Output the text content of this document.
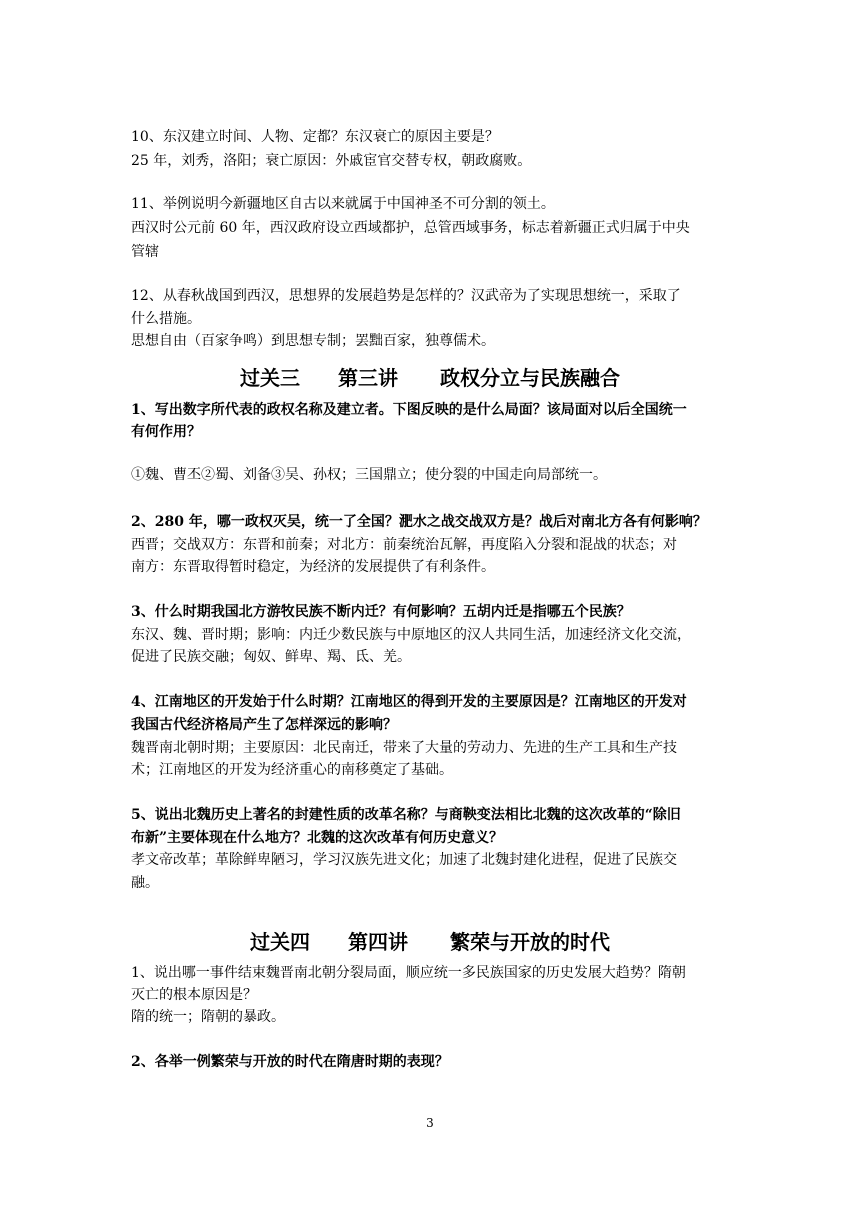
10、东汉建立时间、人物、定都？东汉衰亡的原因主要是？
25 年，刘秀，洛阳；衰亡原因：外戚宦官交替专权，朝政腐败。
11、举例说明今新疆地区自古以来就属于中国神圣不可分割的领土。
西汉时公元前 60 年，西汉政府设立西域都护，总管西域事务，标志着新疆正式归属于中央
管辖
12、从春秋战国到西汉，思想界的发展趋势是怎样的？汉武帝为了实现思想统一，采取了
什么措施。
思想自由（百家争鸣）到思想专制；罢黜百家，独尊儒术。
过关三 第三讲 政权分立与民族融合
1、写出数字所代表的政权名称及建立者。下图反映的是什么局面？该局面对以后全国统一
有何作用？
①魏、曹丕②蜀、刘备③吴、孙权；三国鼎立；使分裂的中国走向局部统一。
2、280 年，哪一政权灭吴，统一了全国？淝水之战交战双方是？战后对南北方各有何影响？
西晋；交战双方：东晋和前秦；对北方：前秦统治瓦解，再度陷入分裂和混战的状态；对
南方：东晋取得暂时稳定，为经济的发展提供了有利条件。
3、什么时期我国北方游牧民族不断内迁？有何影响？五胡内迁是指哪五个民族？
东汉、魏、晋时期；影响：内迁少数民族与中原地区的汉人共同生活，加速经济文化交流，
促进了民族交融；匈奴、鲜卑、羯、氐、羌。
4、江南地区的开发始于什么时期？江南地区的得到开发的主要原因是？江南地区的开发对
我国古代经济格局产生了怎样深远的影响？
魏晋南北朝时期；主要原因：北民南迁，带来了大量的劳动力、先进的生产工具和生产技
术；江南地区的开发为经济重心的南移奠定了基础。
5、说出北魏历史上著名的封建性质的改革名称？与商鞅变法相比北魏的这次改革的“除旧
布新”主要体现在什么地方？北魏的这次改革有何历史意义？
孝文帝改革；革除鲜卑陋习，学习汉族先进文化；加速了北魏封建化进程，促进了民族交
融。
过关四 第四讲 繁荣与开放的时代
1、说出哪一事件结束魏晋南北朝分裂局面，顺应统一多民族国家的历史发展大趋势？隋朝
灭亡的根本原因是？
隋的统一；隋朝的暴政。
2、各举一例繁荣与开放的时代在隋唐时期的表现？
3
